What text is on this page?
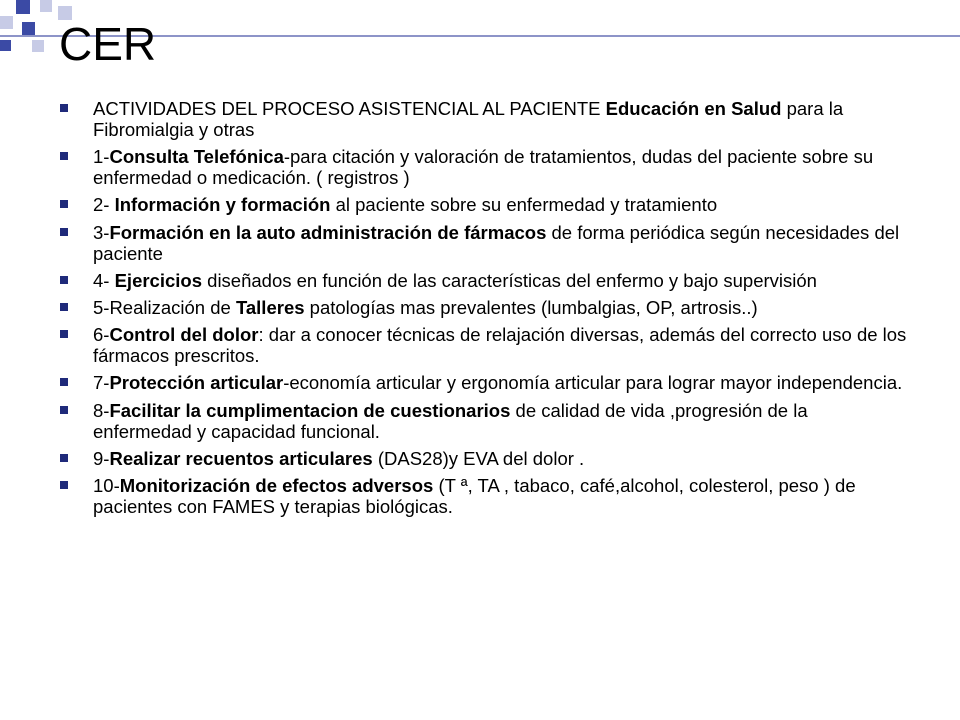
CER
ACTIVIDADES DEL PROCESO ASISTENCIAL AL PACIENTE Educación en Salud para la Fibromialgia y otras
1-Consulta Telefónica-para citación y valoración de tratamientos, dudas del paciente sobre su enfermedad o medicación. ( registros )
2- Información y formación al paciente sobre su enfermedad y tratamiento
3-Formación en la auto administración de fármacos de forma periódica según necesidades del paciente
4- Ejercicios diseñados en función de las características del enfermo y bajo supervisión
5-Realización de Talleres patologías mas prevalentes (lumbalgias, OP, artrosis..)
6-Control del dolor: dar a conocer técnicas de relajación diversas, además del correcto uso de los fármacos prescritos.
7-Protección articular-economía articular y ergonomía articular para lograr mayor independencia.
8-Facilitar la cumplimentacion de cuestionarios de calidad de vida ,progresión de la enfermedad y capacidad funcional.
9-Realizar recuentos articulares (DAS28)y EVA del dolor .
10-Monitorización de efectos adversos (T ª, TA , tabaco, café,alcohol, colesterol, peso ) de pacientes con FAMES y terapias biológicas.
